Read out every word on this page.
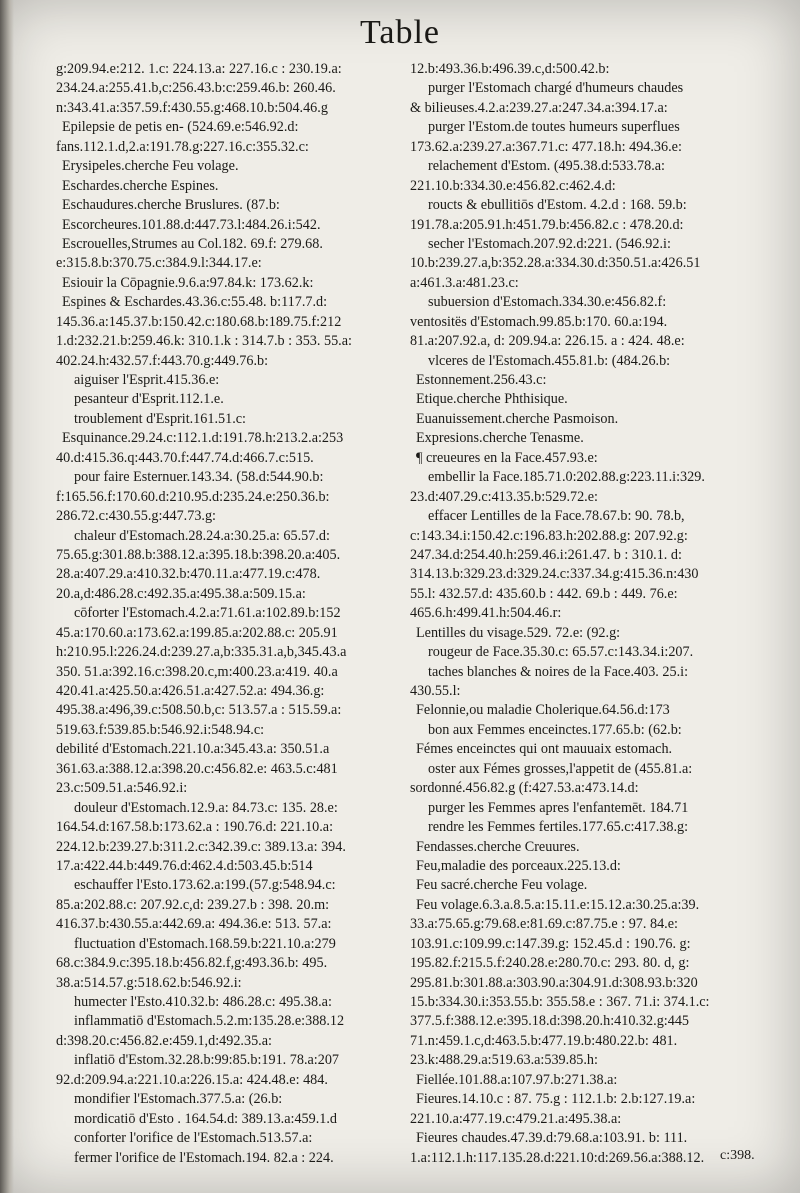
Table
g:209.94.e:212. 1.c: 224.13.a: 227.16.c : 230.19.a:
234.24.a:255.41.b,c:256.43.b:c:259.46.b: 260.46.
n:343.41.a:357.59.f:430.55.g:468.10.b:504.46.g
Epilepsie de petis en- (524.69.e:546.92.d:
fans.112.1.d,2.a:191.78.g:227.16.c:355.32.c:
Erysipeles.cherche Feu volage.
Eschardes.cherche Espines.
Eschaudures.cherche Bruslures. (87.b:
Escorcheures.101.88.d:447.73.l:484.26.i:542.
Escrouelles,Strumes au Col.182. 69.f: 279.68.
e:315.8.b:370.75.c:384.9.l:344.17.e:
Esiouir la Cōpagnie.9.6.a:97.84.k: 173.62.k:
Espines & Eschardes.43.36.c:55.48. b:117.7.d:
145.36.a:145.37.b:150.42.c:180.68.b:189.75.f:212
1.d:232.21.b:259.46.k: 310.1.k : 314.7.b : 353. 55.a:
402.24.h:432.57.f:443.70.g:449.76.b:
aiguiser l'Esprit.415.36.e:
pesanteur d'Esprit.112.1.e.
troublement d'Esprit.161.51.c:
Esquinance.29.24.c:112.1.d:191.78.h:213.2.a:253
40.d:415.36.q:443.70.f:447.74.d:466.7.c:515.
pour faire Esternuer.143.34. (58.d:544.90.b:
f:165.56.f:170.60.d:210.95.d:235.24.e:250.36.b:
286.72.c:430.55.g:447.73.g:
chaleur d'Estomach.28.24.a:30.25.a: 65.57.d:
75.65.g:301.88.b:388.12.a:395.18.b:398.20.a:405.
28.a:407.29.a:410.32.b:470.11.a:477.19.c:478.
20.a,d:486.28.c:492.35.a:495.38.a:509.15.a:
cōforter l'Estomach.4.2.a:71.61.a:102.89.b:152
45.a:170.60.a:173.62.a:199.85.a:202.88.c: 205.91
h:210.95.l:226.24.d:239.27.a,b:335.31.a,b,345.43.a
350. 51.a:392.16.c:398.20.c,m:400.23.a:419. 40.a
420.41.a:425.50.a:426.51.a:427.52.a: 494.36.g:
495.38.a:496,39.c:508.50.b,c: 513.57.a : 515.59.a:
519.63.f:539.85.b:546.92.i:548.94.c:
debilité d'Estomach.221.10.a:345.43.a: 350.51.a
361.63.a:388.12.a:398.20.c:456.82.e: 463.5.c:481
23.c:509.51.a:546.92.i:
douleur d'Estomach.12.9.a: 84.73.c: 135. 28.e:
164.54.d:167.58.b:173.62.a : 190.76.d: 221.10.a:
224.12.b:239.27.b:311.2.c:342.39.c: 389.13.a: 394.
17.a:422.44.b:449.76.d:462.4.d:503.45.b:514
eschauffer l'Esto.173.62.a:199.(57.g:548.94.c:
85.a:202.88.c: 207.92.c,d: 239.27.b : 398. 20.m:
416.37.b:430.55.a:442.69.a: 494.36.e: 513. 57.a:
fluctuation d'Estomach.168.59.b:221.10.a:279
68.c:384.9.c:395.18.b:456.82.f,g:493.36.b: 495.
38.a:514.57.g:518.62.b:546.92.i:
humecter l'Esto.410.32.b: 486.28.c: 495.38.a:
inflammatiō d'Estomach.5.2.m:135.28.e:388.12
d:398.20.c:456.82.e:459.1,d:492.35.a:
inflatiō d'Estom.32.28.b:99:85.b:191. 78.a:207
92.d:209.94.a:221.10.a:226.15.a: 424.48.e: 484.
mondifier l'Estomach.377.5.a: (26.b:
mordicatiō d'Esto . 164.54.d: 389.13.a:459.1.d
conforter l'orifice de l'Estomach.513.57.a:
fermer l'orifice de l'Estomach.194. 82.a : 224.
12.b:493.36.b:496.39.c,d:500.42.b:
purger l'Estomach chargé d'humeurs chaudes
& bilieuses.4.2.a:239.27.a:247.34.a:394.17.a:
purger l'Estom.de toutes humeurs superflues
173.62.a:239.27.a:367.71.c: 477.18.h: 494.36.e:
relachement d'Estom. (495.38.d:533.78.a:
221.10.b:334.30.e:456.82.c:462.4.d:
roucts & ebullitiōs d'Estom. 4.2.d : 168. 59.b:
191.78.a:205.91.h:451.79.b:456.82.c : 478.20.d:
secher l'Estomach.207.92.d:221. (546.92.i:
10.b:239.27.a,b:352.28.a:334.30.d:350.51.a:426.51
a:461.3.a:481.23.c:
subuersion d'Estomach.334.30.e:456.82.f:
ventositës d'Estomach.99.85.b:170. 60.a:194.
81.a:207.92.a, d: 209.94.a: 226.15. a : 424. 48.e:
vlceres de l'Estomach.455.81.b: (484.26.b:
Estonnement.256.43.c:
Etique.cherche Phthisique.
Euanuissement.cherche Pasmoison.
Expresions.cherche Tenasme.
¶ creueures en la Face.457.93.e:
embellir la Face.185.71.0:202.88.g:223.11.i:329.
23.d:407.29.c:413.35.b:529.72.e:
effacer Lentilles de la Face.78.67.b: 90. 78.b,
c:143.34.i:150.42.c:196.83.h:202.88.g: 207.92.g:
247.34.d:254.40.h:259.46.i:261.47. b : 310.1. d:
314.13.b:329.23.d:329.24.c:337.34.g:415.36.n:430
55.l: 432.57.d: 435.60.b : 442. 69.b : 449. 76.e:
465.6.h:499.41.h:504.46.r:
Lentilles du visage.529. 72.e: (92.g:
rougeur de Face.35.30.c: 65.57.c:143.34.i:207.
taches blanches & noires de la Face.403. 25.i:
430.55.l:
Felonnie,ou maladie Cholerique.64.56.d:173
bon aux Femmes enceinctes.177.65.b: (62.b:
Fémes enceinctes qui ont mauuaix estomach.
oster aux Fémes grosses,l'appetit de (455.81.a:
sordonné.456.82.g (f:427.53.a:473.14.d:
purger les Femmes apres l'enfantemēt. 184.71
rendre les Femmes fertiles.177.65.c:417.38.g:
Fendasses.cherche Creuures.
Feu,maladie des porceaux.225.13.d:
Feu sacré.cherche Feu volage.
Feu volage.6.3.a.8.5.a:15.11.e:15.12.a:30.25.a:39.
33.a:75.65.g:79.68.e:81.69.c:87.75.e : 97. 84.e:
103.91.c:109.99.c:147.39.g: 152.45.d : 190.76. g:
195.82.f:215.5.f:240.28.e:280.70.c: 293. 80. d, g:
295.81.b:301.88.a:303.90.a:304.91.d:308.93.b:320
15.b:334.30.i:353.55.b: 355.58.e : 367. 71.i: 374.1.c:
377.5.f:388.12.e:395.18.d:398.20.h:410.32.g:445
71.n:459.1.c,d:463.5.b:477.19.b:480.22.b: 481.
23.k:488.29.a:519.63.a:539.85.h:
Fiellée.101.88.a:107.97.b:271.38.a:
Fieures.14.10.c : 87. 75.g : 112.1.b: 2.b:127.19.a:
221.10.a:477.19.c:479.21.a:495.38.a:
Fieures chaudes.47.39.d:79.68.a:103.91. b: 111.
1.a:112.1.h:117.135.28.d:221.10:d:269.56.a:388.12.	c:398.
